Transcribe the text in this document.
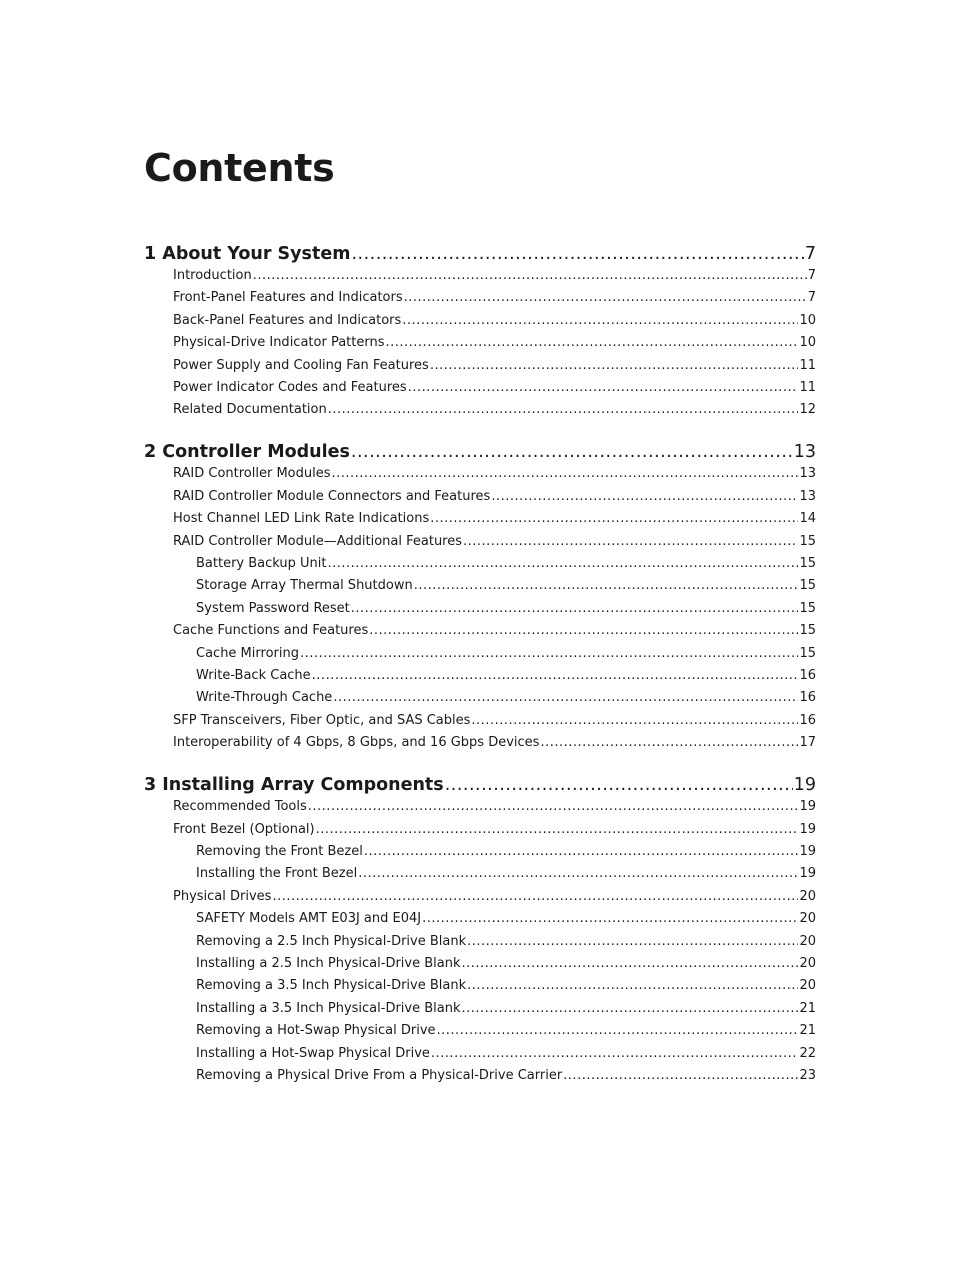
Contents
1 About Your System .....	7
Introduction .....	7
Front-Panel Features and Indicators .....	7
Back-Panel Features and Indicators .....	10
Physical-Drive Indicator Patterns .....	10
Power Supply and Cooling Fan Features .....	11
Power Indicator Codes and Features .....	11
Related Documentation .....	12
2 Controller Modules .....	13
RAID Controller Modules .....	13
RAID Controller Module Connectors and Features .....	13
Host Channel LED Link Rate Indications .....	14
RAID Controller Module—Additional Features .....	15
Battery Backup Unit .....	15
Storage Array Thermal Shutdown .....	15
System Password Reset .....	15
Cache Functions and Features .....	15
Cache Mirroring .....	15
Write-Back Cache .....	16
Write-Through Cache .....	16
SFP Transceivers, Fiber Optic, and SAS Cables .....	16
Interoperability of 4 Gbps, 8 Gbps, and 16 Gbps Devices .....	17
3 Installing Array Components .....	19
Recommended Tools .....	19
Front Bezel (Optional) .....	19
Removing the Front Bezel .....	19
Installing the Front Bezel .....	19
Physical Drives .....	20
SAFETY Models AMT E03J and E04J .....	20
Removing a 2.5 Inch Physical-Drive Blank .....	20
Installing a 2.5 Inch Physical-Drive Blank .....	20
Removing a 3.5 Inch Physical-Drive Blank .....	20
Installing a 3.5 Inch Physical-Drive Blank .....	21
Removing a Hot-Swap Physical Drive .....	21
Installing a Hot-Swap Physical Drive .....	22
Removing a Physical Drive From a Physical-Drive Carrier .....	23
